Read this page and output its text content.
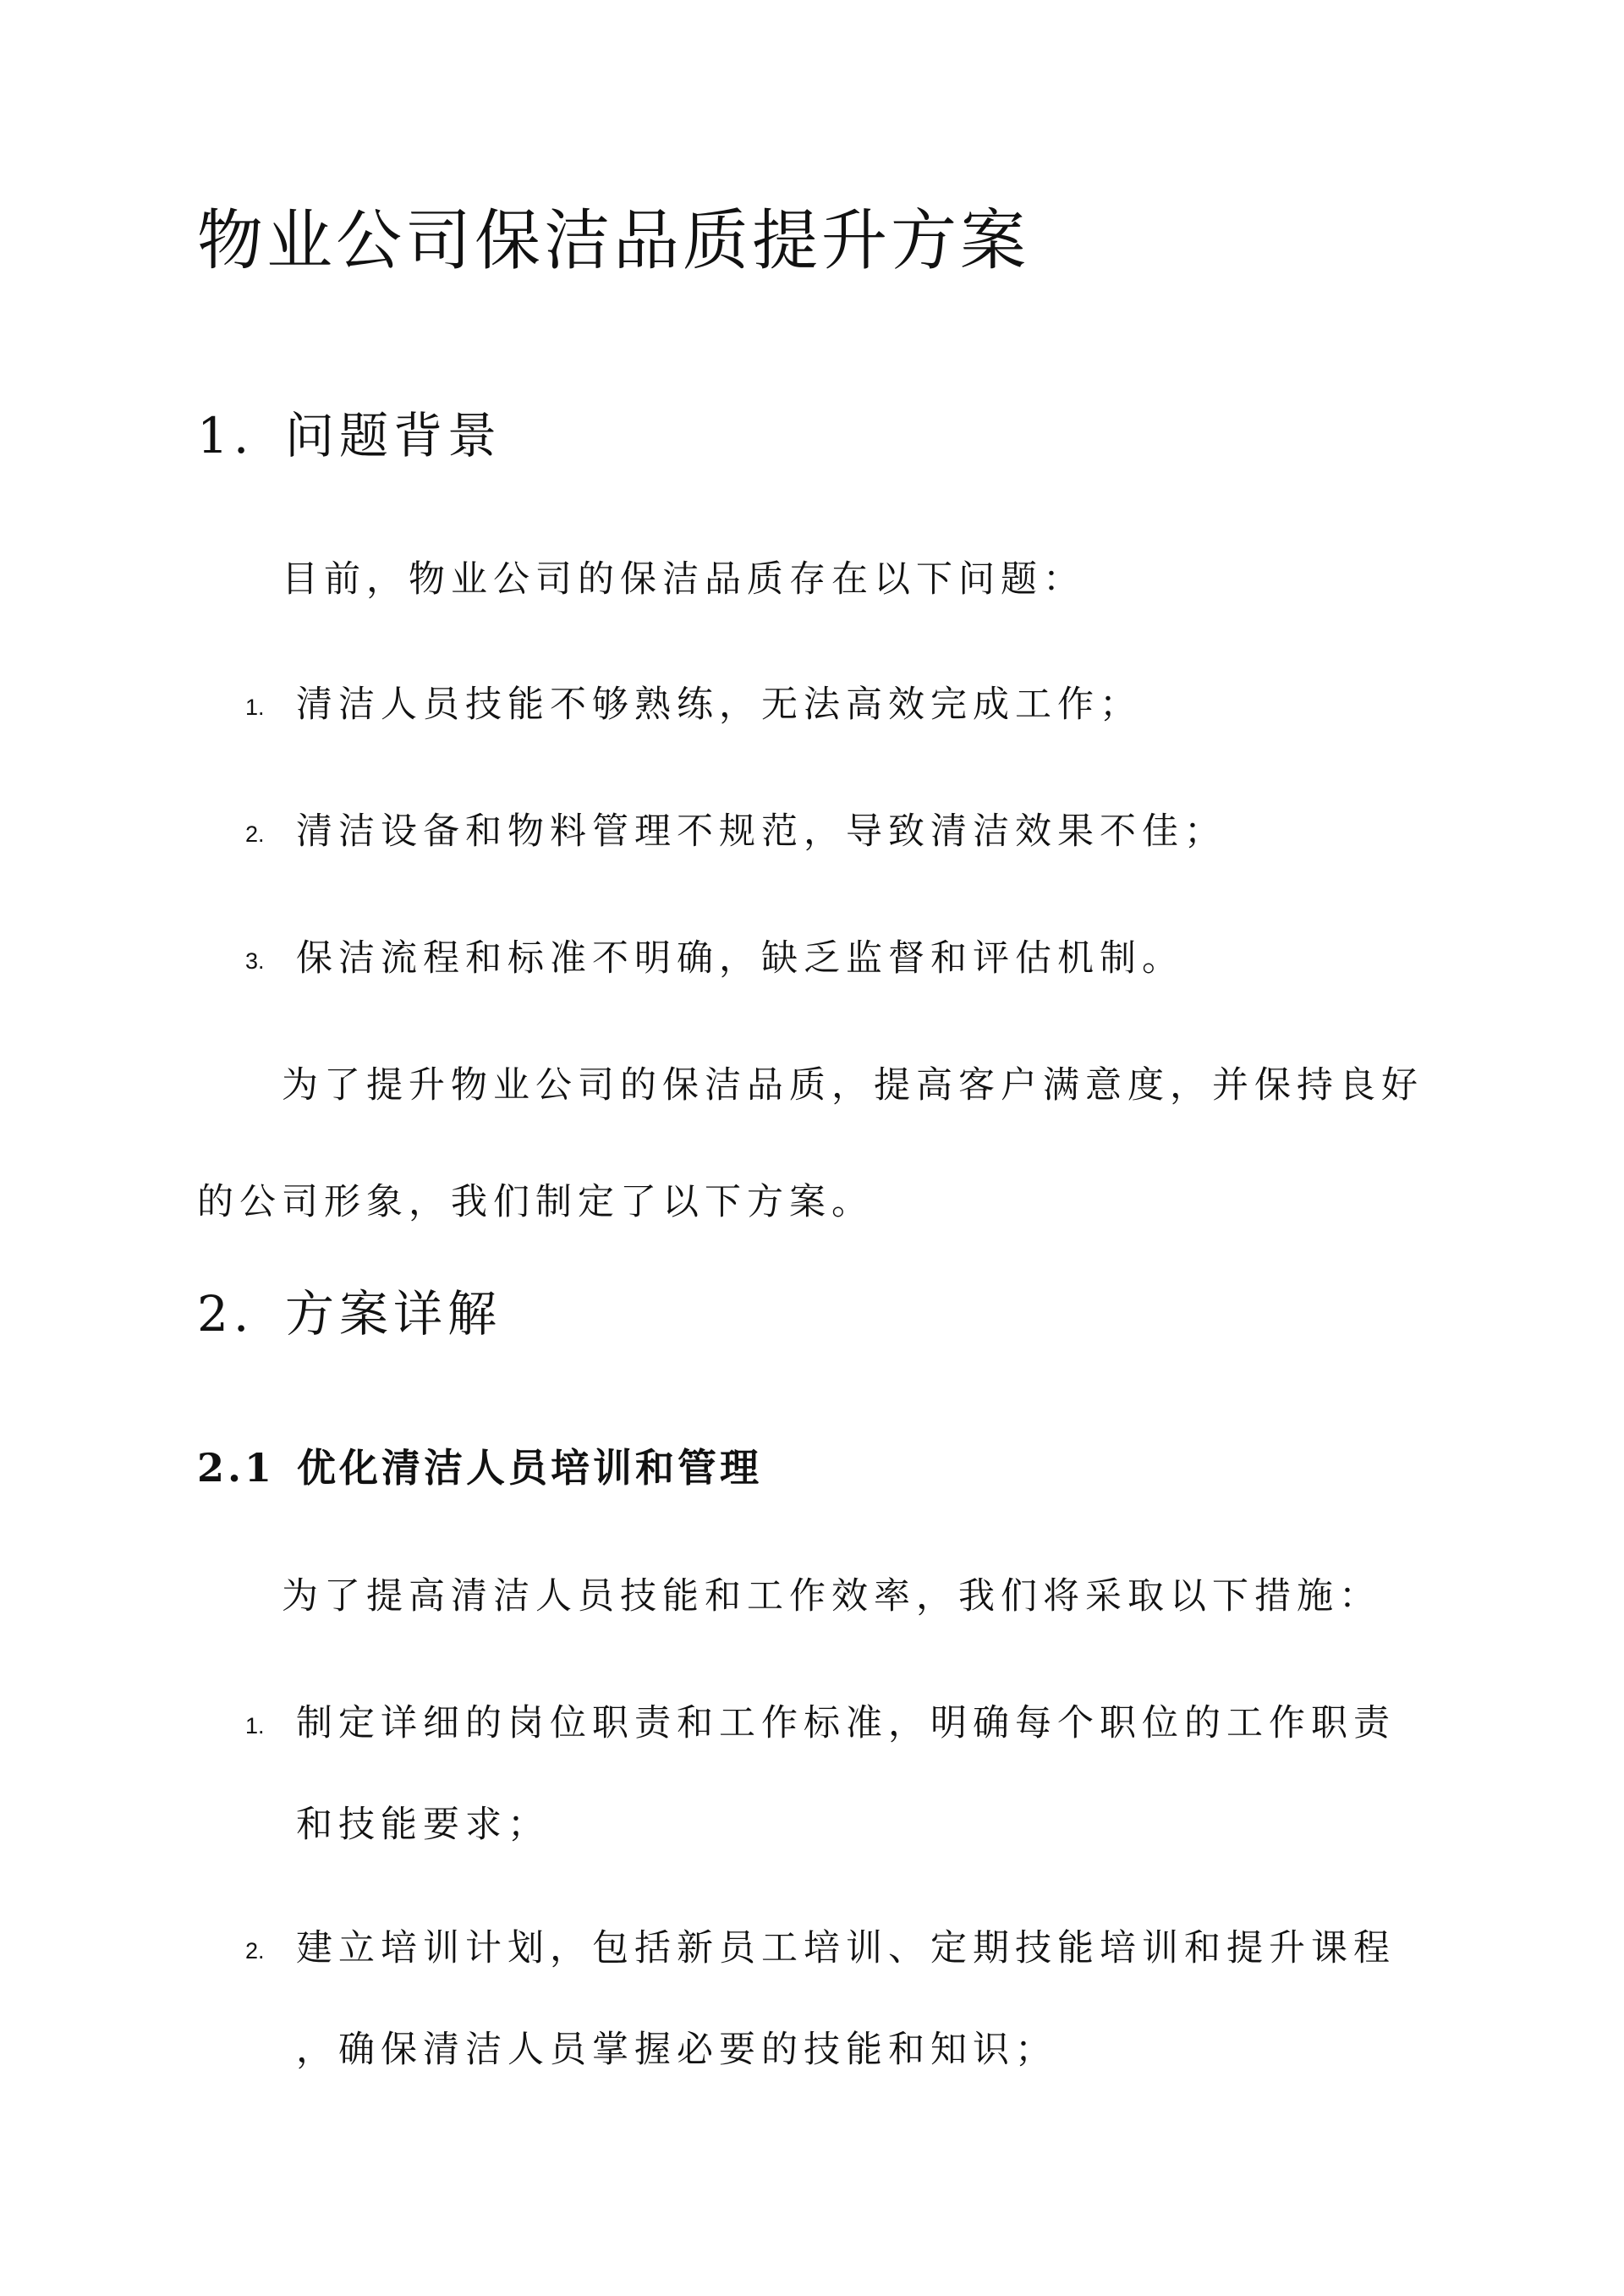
物业公司保洁品质提升方案
1. 问题背景
目前，物业公司的保洁品质存在以下问题：
1. 清洁人员技能不够熟练，无法高效完成工作；
2. 清洁设备和物料管理不规范，导致清洁效果不佳；
3. 保洁流程和标准不明确，缺乏监督和评估机制。
为了提升物业公司的保洁品质，提高客户满意度，并保持良好
的公司形象，我们制定了以下方案。
2. 方案详解
2.1 优化清洁人员培训和管理
为了提高清洁人员技能和工作效率，我们将采取以下措施：
1. 制定详细的岗位职责和工作标准，明确每个职位的工作职责
和技能要求；
2. 建立培训计划，包括新员工培训、定期技能培训和提升课程
，确保清洁人员掌握必要的技能和知识；
